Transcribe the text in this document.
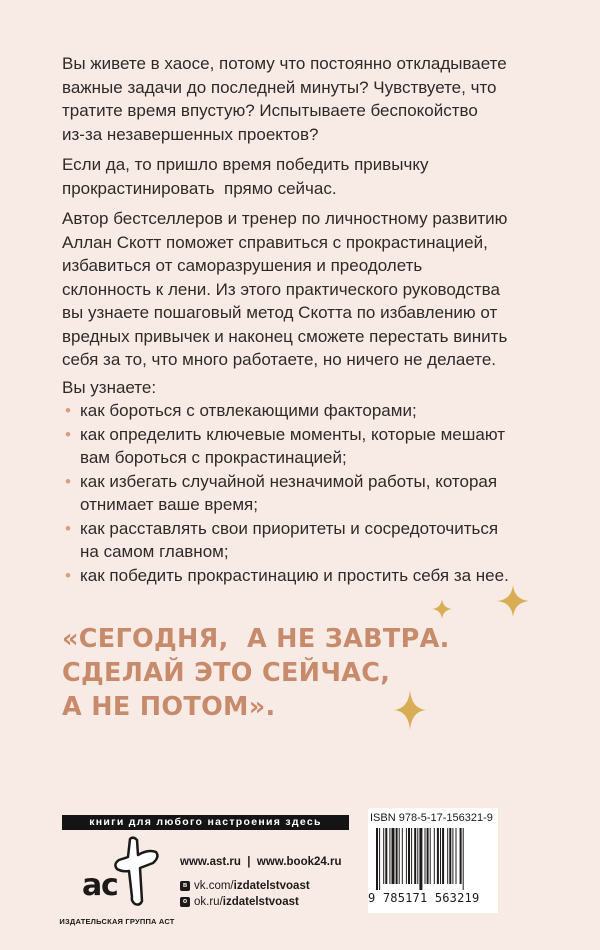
Вы живете в хаосе, потому что постоянно откладываете
важные задачи до последней минуты? Чувствуете, что
тратите время впустую? Испытываете беспокойство
из-за незавершенных проектов?

Если да, то пришло время победить привычку
прокрастинировать  прямо сейчас.

Автор бестселлеров и тренер по личностному развитию
Аллан Скотт поможет справиться с прокрастинацией,
избавиться от саморазрушения и преодолеть
склонность к лени. Из этого практического руководства
вы узнаете пошаговый метод Скотта по избавлению от
вредных привычек и наконец сможете перестать винить
себя за то, что много работаете, но ничего не делаете.

Вы узнаете:

• как бороться с отвлекающими факторами;
• как определить ключевые моменты, которые мешают
вам бороться с прокрастинацией;
• как избегать случайной незначимой работы, которая
отнимает ваше время;
• как расставлять свои приоритеты и сосредоточиться
на самом главном;
• как победить прокрастинацию и простить себя за нее.
«СЕГОДНЯ,  А НЕ ЗАВТРА.
СДЕЛАЙ ЭТО СЕЙЧАС,
А НЕ ПОТОМ».
книги для любого настроения здесь
a
c
ИЗДАТЕЛЬСКАЯ ГРУППА АСТ
www.ast.ru  |  www.book24.ru
в vk.com/ izdatelstvoast
о ok.ru/ izdatelstvoast
ISBN 978-5-17-156321-9
9 785171 563219
